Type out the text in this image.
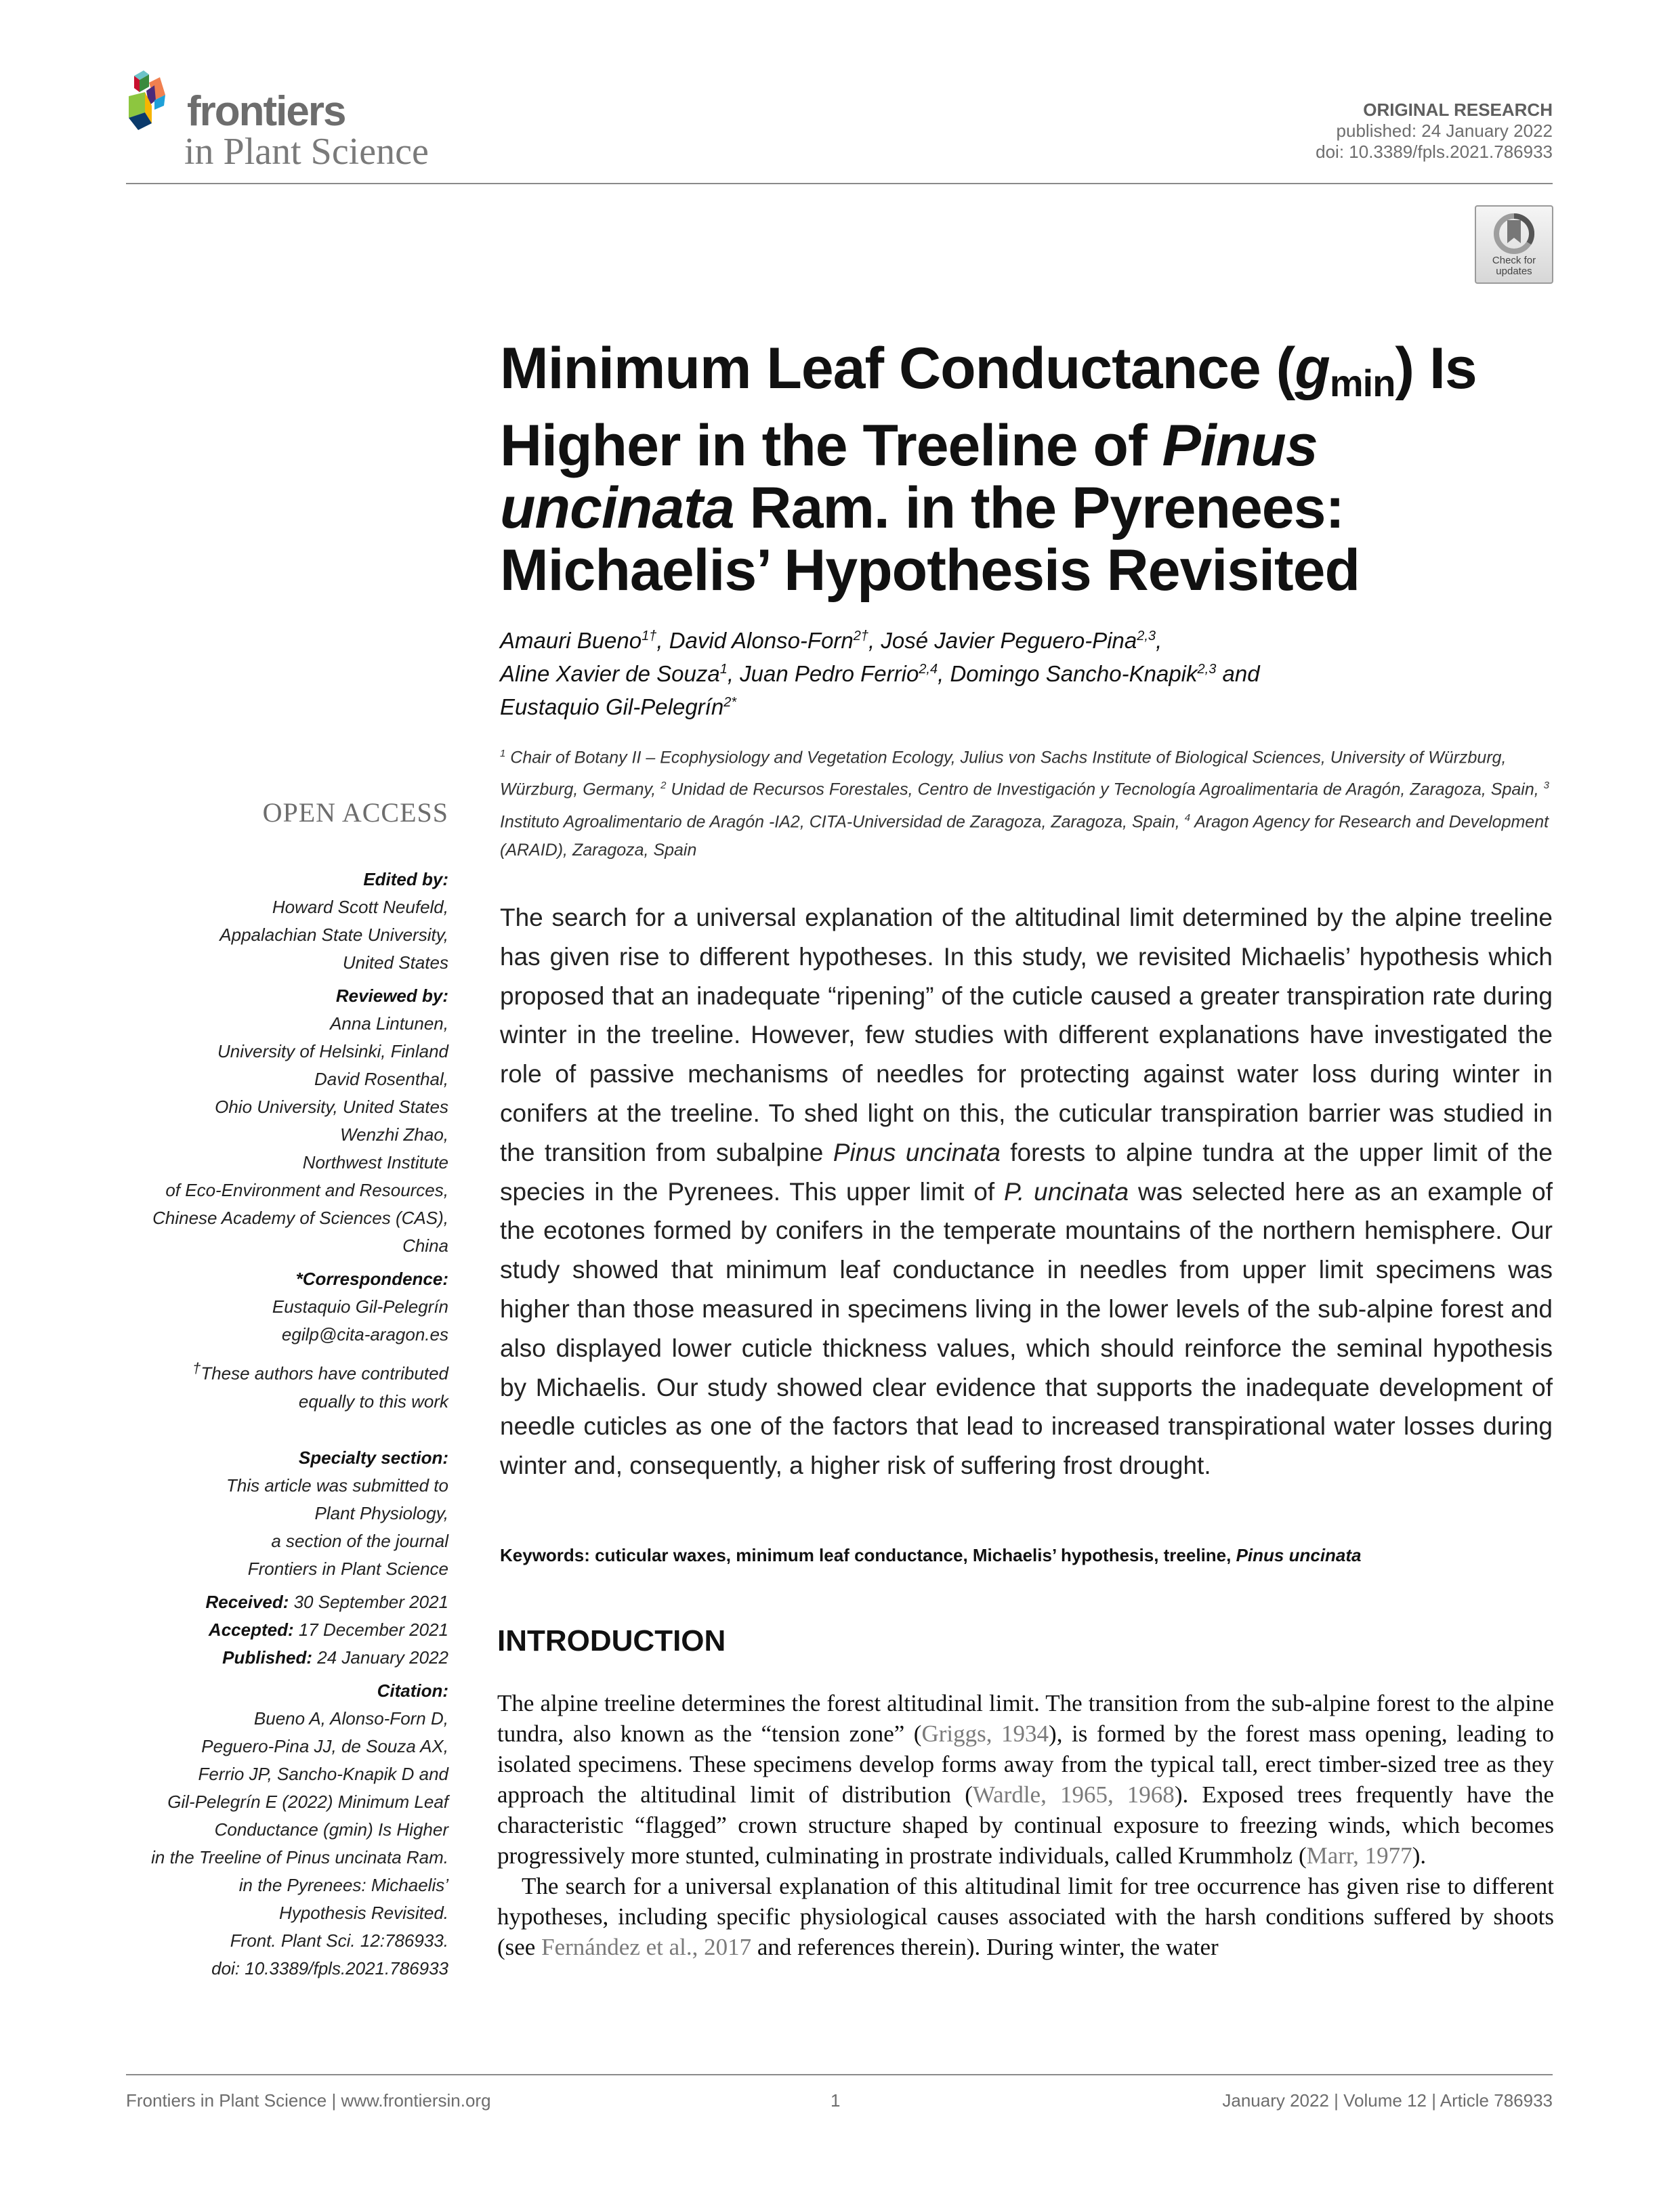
frontiers
in Plant Science
ORIGINAL RESEARCH
published: 24 January 2022
doi: 10.3389/fpls.2021.786933
Check for
updates
Minimum Leaf Conductance $(g_{min})$ Is Higher in the Treeline of Pinus uncinata Ram. in the Pyrenees: Michaelis’ Hypothesis Revisited
Amauri Bueno$^{1\dagger}$, David Alonso-Forn$^{2\dagger}$, José Javier Peguero-Pina$^{2,3}$,
Aline Xavier de Souza$^1$, Juan Pedro Ferrio$^{2,4}$, Domingo Sancho-Knapik$^{2,3}$ and
Eustaquio Gil-Pelegrín$^{2*}$
$^1$ Chair of Botany II – Ecophysiology and Vegetation Ecology, Julius von Sachs Institute of Biological Sciences, University of Würzburg, Würzburg, Germany, $^2$ Unidad de Recursos Forestales, Centro de Investigación y Tecnología Agroalimentaria de Aragón, Zaragoza, Spain, $^3$ Instituto Agroalimentario de Aragón -IA2, CITA-Universidad de Zaragoza, Zaragoza, Spain, $^4$ Aragon Agency for Research and Development (ARAID), Zaragoza, Spain
OPEN ACCESS
Edited by:
Howard Scott Neufeld,
Appalachian State University,
United States
Reviewed by:
Anna Lintunen,
University of Helsinki, Finland
David Rosenthal,
Ohio University, United States
Wenzhi Zhao,
Northwest Institute
of Eco-Environment and Resources,
Chinese Academy of Sciences (CAS),
China
*Correspondence:
Eustaquio Gil-Pelegrín
egilp@cita-aragon.es
†These authors have contributed
equally to this work
Specialty section:
This article was submitted to
Plant Physiology,
a section of the journal
Frontiers in Plant Science
Received: 30 September 2021
Accepted: 17 December 2021
Published: 24 January 2022
Citation:
Bueno A, Alonso-Forn D,
Peguero-Pina JJ, de Souza AX,
Ferrio JP, Sancho-Knapik D and
Gil-Pelegrín E (2022) Minimum Leaf
Conductance (gmin) Is Higher
in the Treeline of Pinus uncinata Ram.
in the Pyrenees: Michaelis’
Hypothesis Revisited.
Front. Plant Sci. 12:786933.
doi: 10.3389/fpls.2021.786933
The search for a universal explanation of the altitudinal limit determined by the alpine treeline has given rise to different hypotheses. In this study, we revisited Michaelis’ hypothesis which proposed that an inadequate “ripening” of the cuticle caused a greater transpiration rate during winter in the treeline. However, few studies with different explanations have investigated the role of passive mechanisms of needles for protecting against water loss during winter in conifers at the treeline. To shed light on this, the cuticular transpiration barrier was studied in the transition from subalpine Pinus uncinata forests to alpine tundra at the upper limit of the species in the Pyrenees. This upper limit of P. uncinata was selected here as an example of the ecotones formed by conifers in the temperate mountains of the northern hemisphere. Our study showed that minimum leaf conductance in needles from upper limit specimens was higher than those measured in specimens living in the lower levels of the sub-alpine forest and also displayed lower cuticle thickness values, which should reinforce the seminal hypothesis by Michaelis. Our study showed clear evidence that supports the inadequate development of needle cuticles as one of the factors that lead to increased transpirational water losses during winter and, consequently, a higher risk of suffering frost drought.
Keywords: cuticular waxes, minimum leaf conductance, Michaelis’ hypothesis, treeline, Pinus uncinata
INTRODUCTION

The alpine treeline determines the forest altitudinal limit. The transition from the sub-alpine forest to the alpine tundra, also known as the “tension zone” (Griggs, 1934), is formed by the forest mass opening, leading to isolated specimens. These specimens develop forms away from the typical tall, erect timber-sized tree as they approach the altitudinal limit of distribution (Wardle, 1965, 1968). Exposed trees frequently have the characteristic “flagged” crown structure shaped by continual exposure to freezing winds, which becomes progressively more stunted, culminating in prostrate individuals, called Krummholz (Marr, 1977).

The search for a universal explanation of this altitudinal limit for tree occurrence has given rise to different hypotheses, including specific physiological causes associated with the harsh conditions suffered by shoots (see Fernández et al., 2017 and references therein). During winter, the water

Frontiers in Plant Science | www.frontiersin.org	1	January 2022 | Volume 12 | Article 786933
